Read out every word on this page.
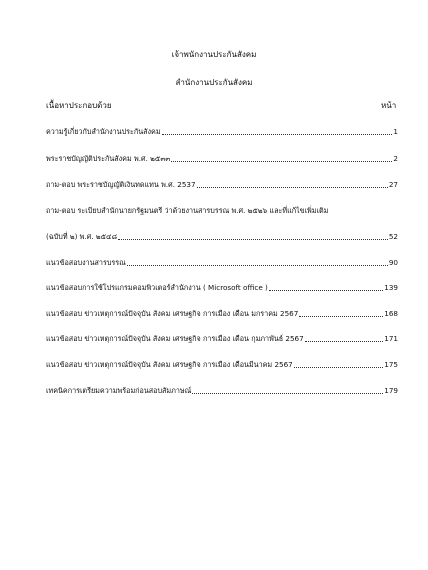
เจ้าพนักงานประกันสังคม
สำนักงานประกันสังคม
เนื้อหาประกอบด้วย	หน้า
ความรู้เกี่ยวกับสำนักงานประกันสังคม	1
พระราชบัญญัติประกันสังคม พ.ศ. ๒๕๓๓	2
ถาม-ตอบ พระราชบัญญัติเงินทดแทน พ.ศ. 2537	27
ถาม-ตอบ ระเบียบสำนักนายกรัฐมนตรี ว่าด้วยงานสารบรรณ พ.ศ. ๒๕๒๖ และที่แก้ไขเพิ่มเติม
(ฉบับที่ ๒) พ.ศ. ๒๕๔๘	52
แนวข้อสอบงานสารบรรณ	90
แนวข้อสอบการใช้โปรแกรมคอมพิวเตอร์สำนักงาน ( Microsoft office )	139
แนวข้อสอบ ข่าวเหตุการณ์ปัจจุบัน สังคม เศรษฐกิจ การเมือง เดือน มกราคม 2567	168
แนวข้อสอบ ข่าวเหตุการณ์ปัจจุบัน สังคม เศรษฐกิจ การเมือง เดือน กุมภาพันธ์ 2567	171
แนวข้อสอบ ข่าวเหตุการณ์ปัจจุบัน สังคม เศรษฐกิจ การเมือง เดือนมีนาคม 2567	175
เทคนิคการเตรียมความพร้อมก่อนสอบสัมภาษณ์	179
